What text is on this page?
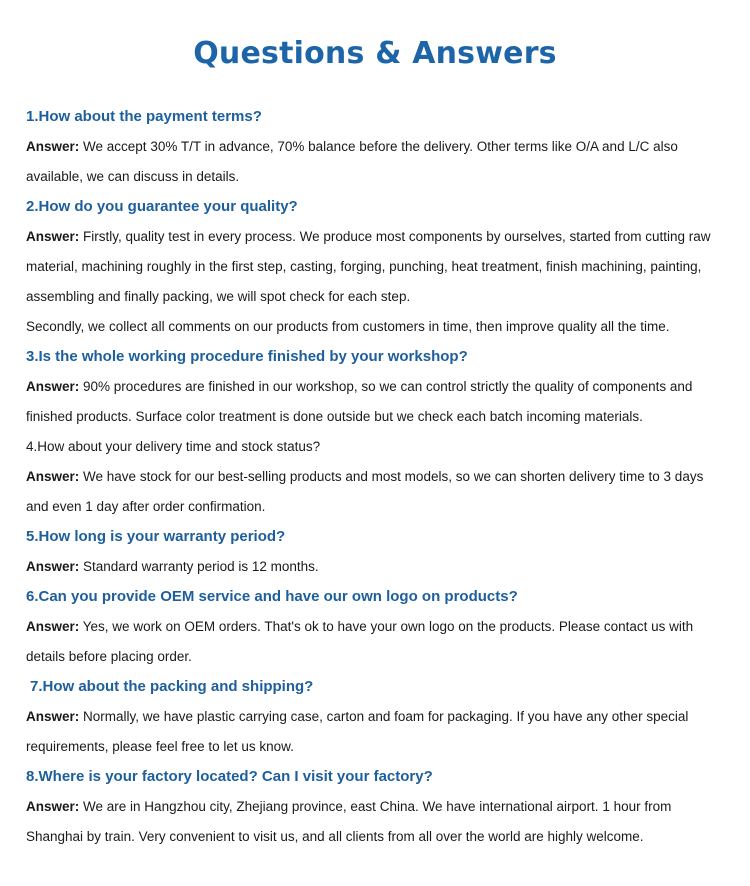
Questions & Answers
1.How about the payment terms?
Answer: We accept 30% T/T in advance, 70% balance before the delivery. Other terms like O/A and L/C also available, we can discuss in details.
2.How do you guarantee your quality?
Answer: Firstly, quality test in every process. We produce most components by ourselves, started from cutting raw material, machining roughly in the first step, casting, forging, punching, heat treatment, finish machining, painting, assembling and finally packing, we will spot check for each step.
Secondly, we collect all comments on our products from customers in time, then improve quality all the time.
3.Is the whole working procedure finished by your workshop?
Answer: 90% procedures are finished in our workshop, so we can control strictly the quality of components and finished products. Surface color treatment is done outside but we check each batch incoming materials.
4.How about your delivery time and stock status?
Answer: We have stock for our best-selling products and most models, so we can shorten delivery time to 3 days and even 1 day after order confirmation.
5.How long is your warranty period?
Answer: Standard warranty period is 12 months.
6.Can you provide OEM service and have our own logo on products?
Answer: Yes, we work on OEM orders. That's ok to have your own logo on the products. Please contact us with details before placing order.
7.How about the packing and shipping?
Answer: Normally, we have plastic carrying case, carton and foam for packaging. If you have any other special requirements, please feel free to let us know.
8.Where is your factory located? Can I visit your factory?
Answer: We are in Hangzhou city, Zhejiang province, east China. We have international airport. 1 hour from Shanghai by train. Very convenient to visit us, and all clients from all over the world are highly welcome.
